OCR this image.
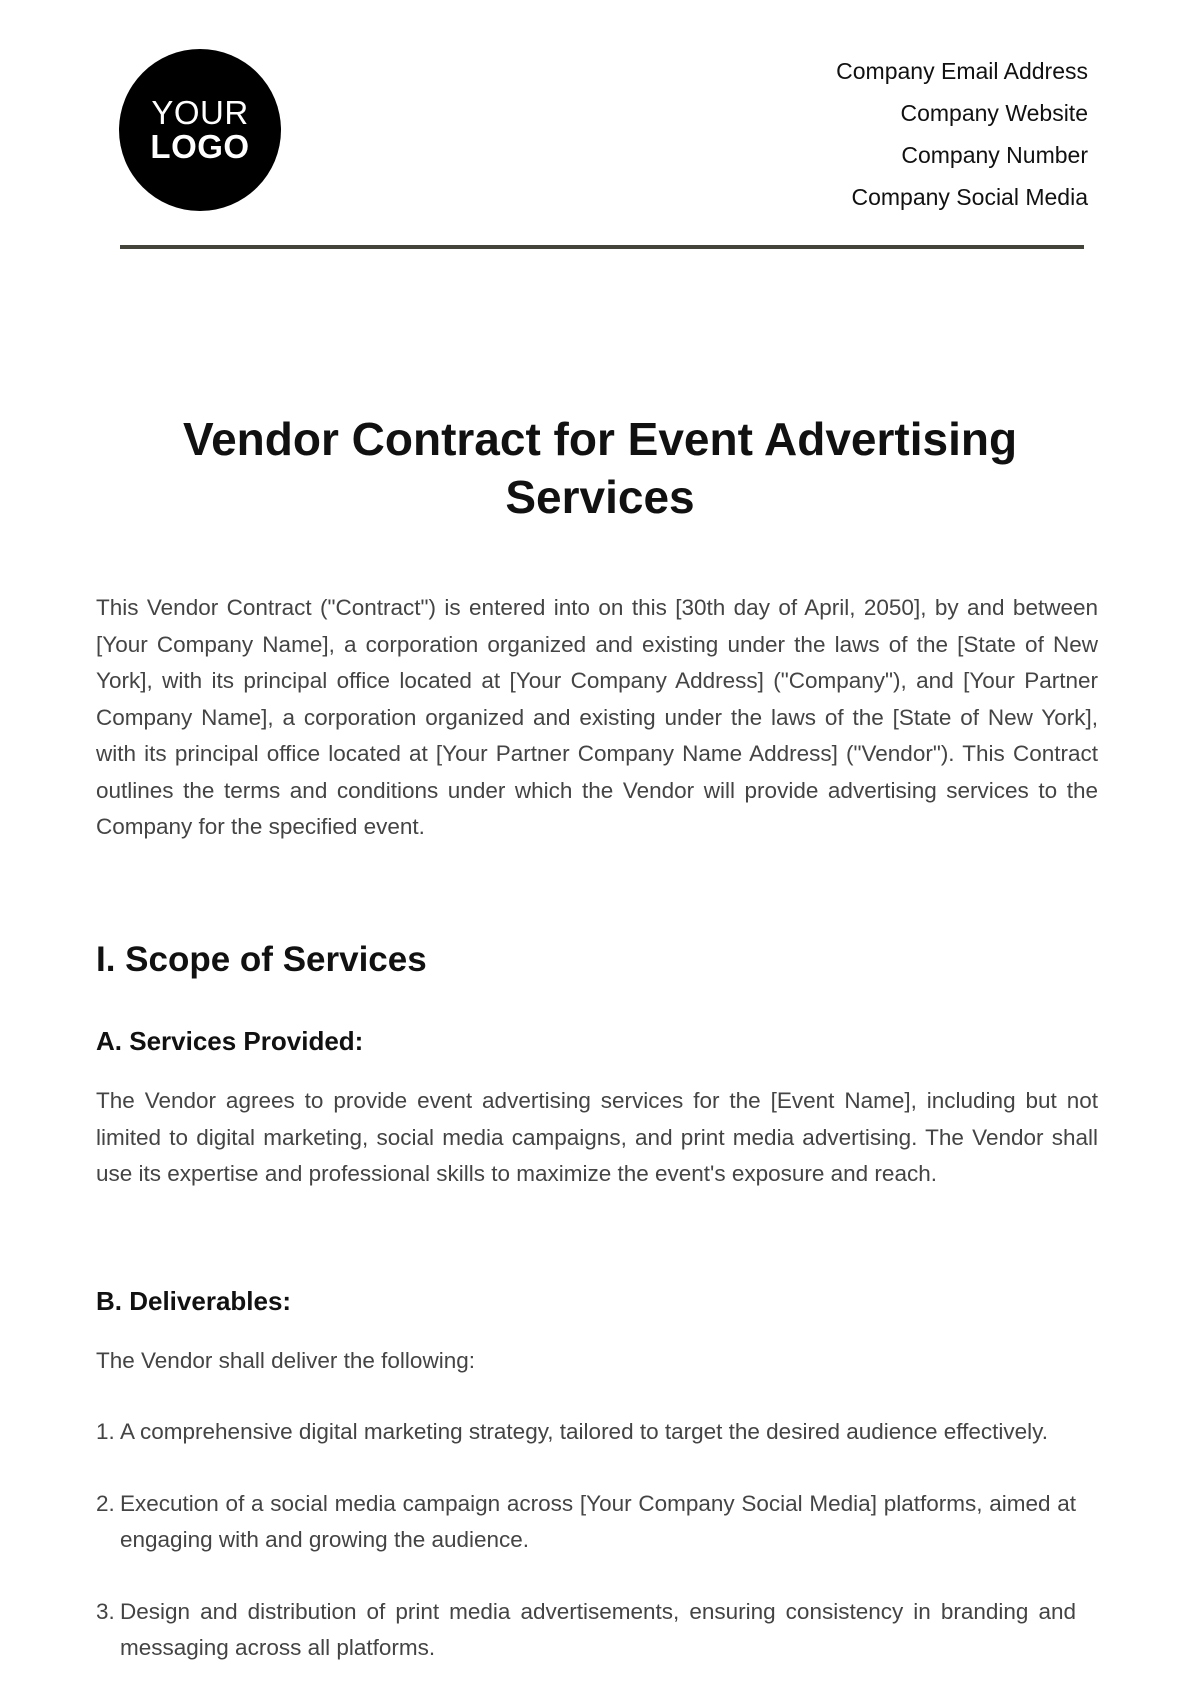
YOUR
LOGO
Company Email Address
Company Website
Company Number
Company Social Media
Vendor Contract for Event Advertising Services

This Vendor Contract ("Contract") is entered into on this [30th day of April, 2050], by and between [Your Company Name], a corporation organized and existing under the laws of the [State of New York], with its principal office located at [Your Company Address] ("Company"), and [Your Partner Company Name], a corporation organized and existing under the laws of the [State of New York], with its principal office located at [Your Partner Company Name Address] ("Vendor"). This Contract outlines the terms and conditions under which the Vendor will provide advertising services to the Company for the specified event.

I. Scope of Services
A. Services Provided:

The Vendor agrees to provide event advertising services for the [Event Name], including but not limited to digital marketing, social media campaigns, and print media advertising. The Vendor shall use its expertise and professional skills to maximize the event's exposure and reach.

B. Deliverables:

The Vendor shall deliver the following:

1. A comprehensive digital marketing strategy, tailored to target the desired audience effectively.
2. Execution of a social media campaign across [Your Company Social Media] platforms, aimed at engaging with and growing the audience.
3. Design and distribution of print media advertisements, ensuring consistency in branding and messaging across all platforms.
